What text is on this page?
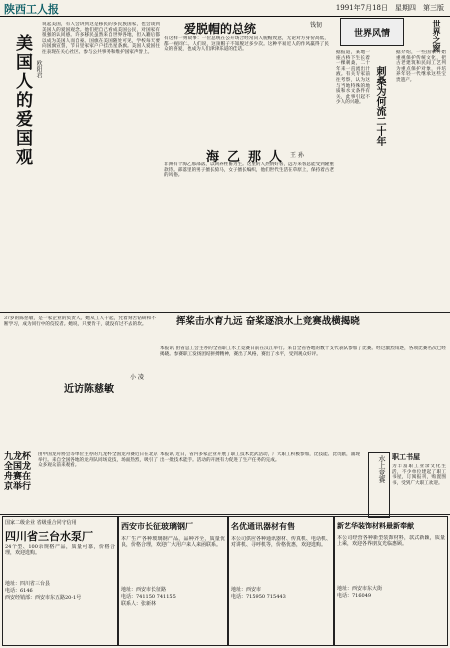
陕西工人报	1991年7月18日　星期四　第三版
美国人的爱国观 欧阳君
说起美国，有人会讲到这是移民的多民族国家，也会谈到美国人的爱国观念。他们把自己看成美国公民，对国家有很强的认同感。许多移民虽然来自世界各地，但入籍后都以成为美国人而自豪。国旗在美国随处可见，学校每天要向国旗宣誓，节日里家家户户挂出星条旗。美国人爱国往往表现在关心社区、参与公共事务和维护国家声誉上。
爱脱帽的总统	钱韧
有这样一则故事：一位总统在公开场合经常向人脱帽致意，无论对方身份高低，都一视同仁。人们说，这顶帽子不知脱过多少次。这种平易近人的作风赢得了民众的喜爱，也成为人们津津乐道的佳话。
世界风情
海乙那人 王 孙
非洲有个海乙那部落，以饲养牲畜为生。这里的人热情好客，远方来客总能受到隆重款待。部落里的男子擅长骑马，女子擅长编织，他们世代生活在草原上，保持着古老的风俗。
刺桑为何流二十年
据报道，某地一座古桥下生长着一棵刺桑，二十年来一直流出汁液。有关专家前往考察，认为这与当地特殊的地质和水文条件有关，此事引起不少人的兴趣。
世界之窗
据介绍，一些国家开始重视保护传统文化，把古老建筑和民间工艺列为重点保护对象，并培养年轻一代继承这些宝贵遗产。
近访陈慈敏
小 凌
37岁的陈慈敏，是一家企业的负责人。她从工人干起，凭着刻苦钻研和不断学习，成为同行中的佼佼者。她说，只要肯干，就没有过不去的坎。	挥桨击水育九远 奋桨逐浪水上竞赛战横揭晓
本报讯 由省总工会主办的全省职工水上竞赛日前在汉江举行。来自全省各地的数十支代表队参加了比赛。经过激烈角逐，各项比赛名次已经揭晓。参赛职工发扬团结拼搏精神，赛出了风格，赛出了水平，受到观众好评。
九龙杯全国龙舟赛在京举行
由中国龙舟协会等单位主办的九龙杯全国龙舟赛近日在北京举行。来自全国各地的龙舟队同场竞技，场面热烈，吸引了众多观众前来观看。
本报讯 近日，省内多家企业开展了职工技术比武活动，广大职工积极参加，比技能、比贡献，涌现出一批技术能手。活动的开展有力促进了生产任务的完成。	水上竞赛 职工书屋
为丰富职工业余文化生活，不少单位建起了职工书屋，订阅报刊，购置图书，受到广大职工欢迎。
国家二级企业 省级重合同守信用
四川省三台水泵厂
24个型、100余规格产品，质量可靠，价格合理，欢迎选购。
地址：四川省三台县
电话：6146
西安经销部：西安市东五路20-1号
西安市长征玻璃钢厂
本厂生产各种玻璃钢产品，品种齐全，质量优良，价格合理，欢迎广大用户来人来函联系。
地址：西安市长征路
电话：741150 741155
联系人：张新林
名优通讯器材有售
本公司供应各种通讯器材、传真机、电话机、对讲机、寻呼机等，价格优惠，欢迎选购。
地址：西安市
电话：715950 715443
新艺华装饰材料最新奉献
本公司经营各种新型装饰材料，款式新颖，质量上乘，欢迎各界朋友光临惠顾。
地址：西安市东大街
电话：716049
